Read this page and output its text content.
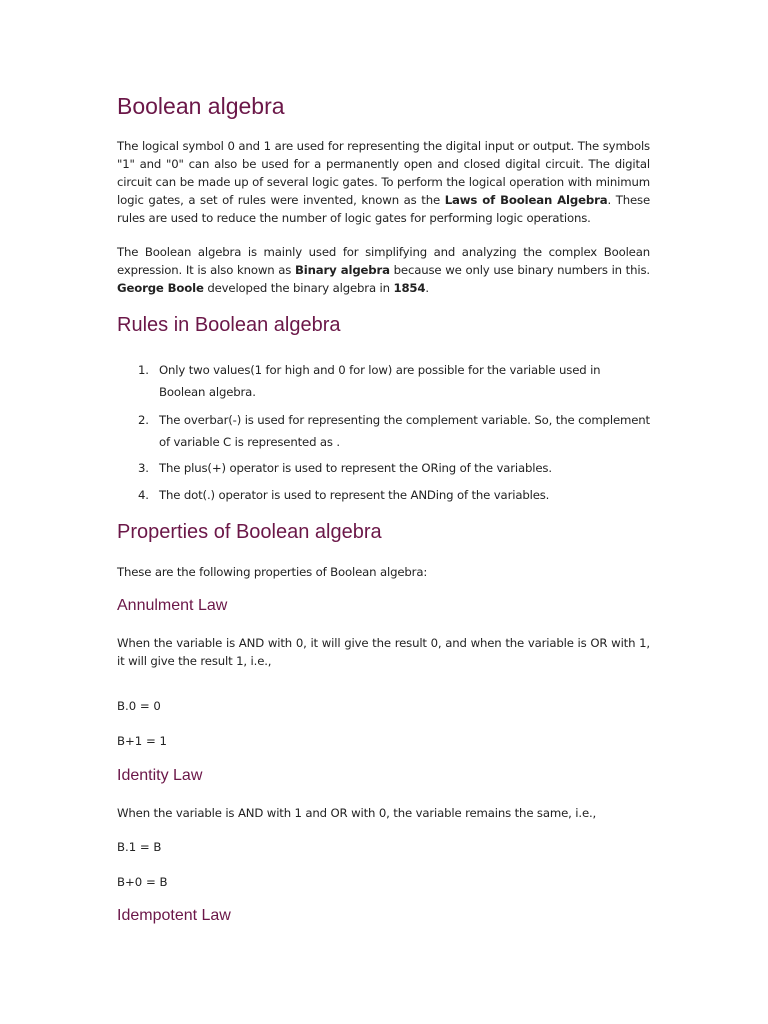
Boolean algebra

The logical symbol 0 and 1 are used for representing the digital input or output. The symbols "1" and "0" can also be used for a permanently open and closed digital circuit. The digital circuit can be made up of several logic gates. To perform the logical operation with minimum logic gates, a set of rules were invented, known as the Laws of Boolean Algebra. These rules are used to reduce the number of logic gates for performing logic operations.

The Boolean algebra is mainly used for simplifying and analyzing the complex Boolean expression. It is also known as Binary algebra because we only use binary numbers in this. George Boole developed the binary algebra in 1854.

Rules in Boolean algebra
1. Only two values(1 for high and 0 for low) are possible for the variable used in Boolean algebra.
2. The overbar(-) is used for representing the complement variable. So, the complement of variable C is represented as .
3. The plus(+) operator is used to represent the ORing of the variables.
4. The dot(.) operator is used to represent the ANDing of the variables.
Properties of Boolean algebra

These are the following properties of Boolean algebra:

Annulment Law

When the variable is AND with 0, it will give the result 0, and when the variable is OR with 1, it will give the result 1, i.e.,

B.0 = 0
B+1 = 1
Identity Law

When the variable is AND with 1 and OR with 0, the variable remains the same, i.e.,

B.1 = B
B+0 = B
Idempotent Law
